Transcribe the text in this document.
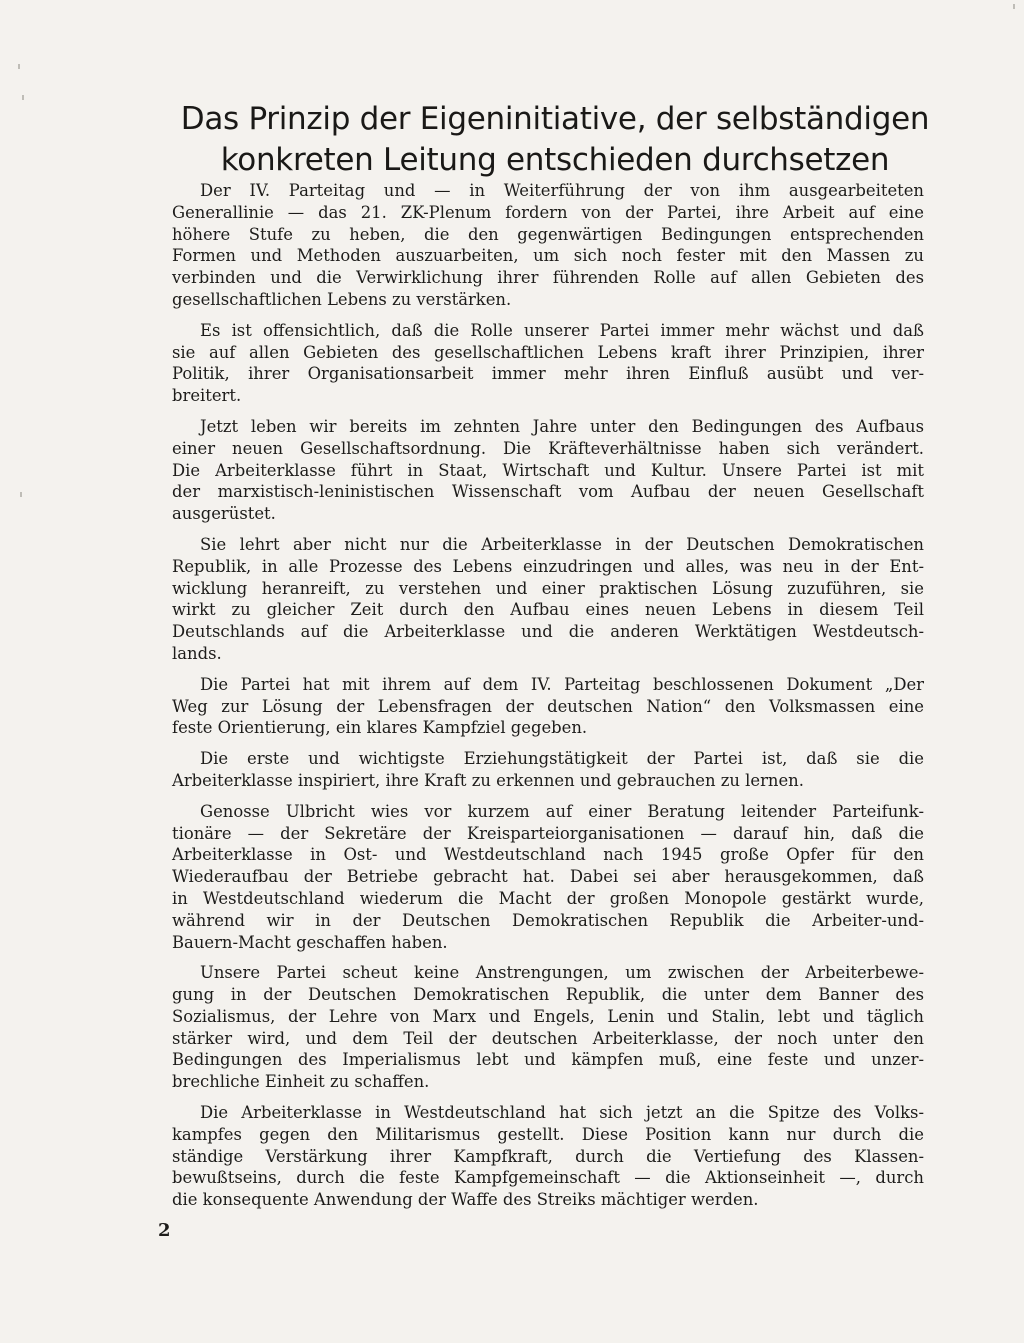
Das Prinzip der Eigeninitiative, der selbständigen
konkreten Leitung entschieden durchsetzen

Der IV. Parteitag und — in Weiterführung der von ihm ausgearbeiteten
Generallinie — das 21. ZK-Plenum fordern von der Partei, ihre Arbeit auf eine
höhere Stufe zu heben, die den gegenwärtigen Bedingungen entsprechenden
Formen und Methoden auszuarbeiten, um sich noch fester mit den Massen zu
verbinden und die Verwirklichung ihrer führenden Rolle auf allen Gebieten des
gesellschaftlichen Lebens zu verstärken.

Es ist offensichtlich, daß die Rolle unserer Partei immer mehr wächst und daß
sie auf allen Gebieten des gesellschaftlichen Lebens kraft ihrer Prinzipien, ihrer
Politik, ihrer Organisationsarbeit immer mehr ihren Einfluß ausübt und ver-
breitert.

Jetzt leben wir bereits im zehnten Jahre unter den Bedingungen des Aufbaus
einer neuen Gesellschaftsordnung. Die Kräfteverhältnisse haben sich verändert.
Die Arbeiterklasse führt in Staat, Wirtschaft und Kultur. Unsere Partei ist mit
der marxistisch-leninistischen Wissenschaft vom Aufbau der neuen Gesellschaft
ausgerüstet.

Sie lehrt aber nicht nur die Arbeiterklasse in der Deutschen Demokratischen
Republik, in alle Prozesse des Lebens einzudringen und alles, was neu in der Ent-
wicklung heranreift, zu verstehen und einer praktischen Lösung zuzuführen, sie
wirkt zu gleicher Zeit durch den Aufbau eines neuen Lebens in diesem Teil
Deutschlands auf die Arbeiterklasse und die anderen Werktätigen Westdeutsch-
lands.

Die Partei hat mit ihrem auf dem IV. Parteitag beschlossenen Dokument „Der
Weg zur Lösung der Lebensfragen der deutschen Nation“ den Volksmassen eine
feste Orientierung, ein klares Kampfziel gegeben.

Die erste und wichtigste Erziehungstätigkeit der Partei ist, daß sie die
Arbeiterklasse inspiriert, ihre Kraft zu erkennen und gebrauchen zu lernen.

Genosse Ulbricht wies vor kurzem auf einer Beratung leitender Parteifunk-
tionäre — der Sekretäre der Kreisparteiorganisationen — darauf hin, daß die
Arbeiterklasse in Ost- und Westdeutschland nach 1945 große Opfer für den
Wiederaufbau der Betriebe gebracht hat. Dabei sei aber herausgekommen, daß
in Westdeutschland wiederum die Macht der großen Monopole gestärkt wurde,
während wir in der Deutschen Demokratischen Republik die Arbeiter-und-
Bauern-Macht geschaffen haben.

Unsere Partei scheut keine Anstrengungen, um zwischen der Arbeiterbewe-
gung in der Deutschen Demokratischen Republik, die unter dem Banner des
Sozialismus, der Lehre von Marx und Engels, Lenin und Stalin, lebt und täglich
stärker wird, und dem Teil der deutschen Arbeiterklasse, der noch unter den
Bedingungen des Imperialismus lebt und kämpfen muß, eine feste und unzer-
brechliche Einheit zu schaffen.

Die Arbeiterklasse in Westdeutschland hat sich jetzt an die Spitze des Volks-
kampfes gegen den Militarismus gestellt. Diese Position kann nur durch die
ständige Verstärkung ihrer Kampfkraft, durch die Vertiefung des Klassen-
bewußtseins, durch die feste Kampfgemeinschaft — die Aktionseinheit —, durch
die konsequente Anwendung der Waffe des Streiks mächtiger werden.

2
